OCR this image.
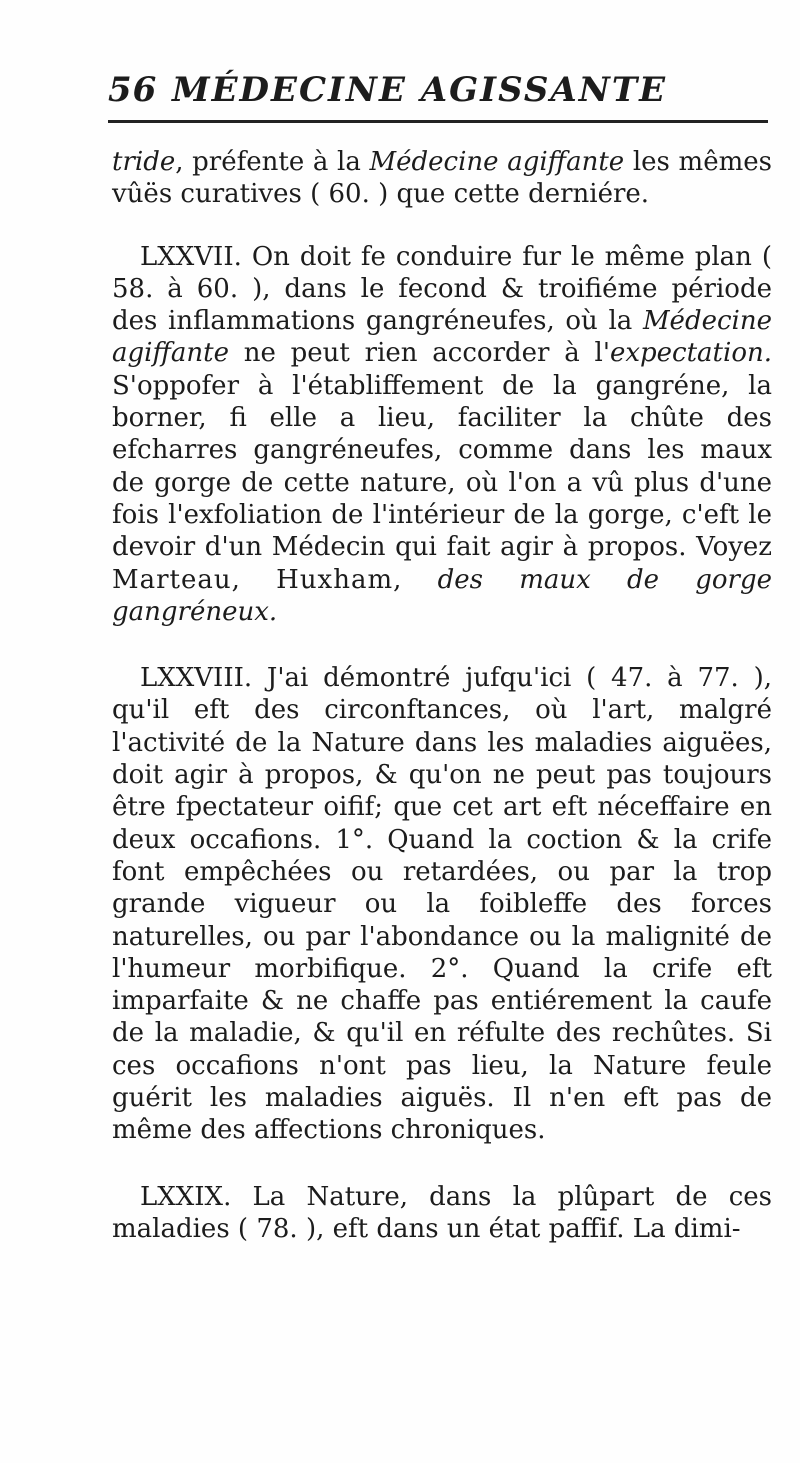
56 MÉDECINE AGISSANTE

tride, préfente à la Médecine agiffante les mêmes vûës curatives ( 60. ) que cette derniére.

LXXVII. On doit fe conduire fur le même plan ( 58. à 60. ), dans le fecond & troifiéme période des inflammations gangréneufes, où la Médecine agiffante ne peut rien accorder à l'expectation. S'oppofer à l'établiffement de la gangréne, la borner, fi elle a lieu, faciliter la chûte des efcharres gangréneufes, comme dans les maux de gorge de cette nature, où l'on a vû plus d'une fois l'exfoliation de l'intérieur de la gorge, c'eft le devoir d'un Médecin qui fait agir à propos. Voyez Marteau, Huxham, des maux de gorge gangréneux.

LXXVIII. J'ai démontré jufqu'ici ( 47. à 77. ), qu'il eft des circonftances, où l'art, malgré l'activité de la Nature dans les maladies aiguëes, doit agir à propos, & qu'on ne peut pas toujours être fpectateur oifif; que cet art eft néceffaire en deux occafions. 1°. Quand la coction & la crife font empêchées ou retardées, ou par la trop grande vigueur ou la foibleffe des forces naturelles, ou par l'abondance ou la malignité de l'humeur morbifique. 2°. Quand la crife eft imparfaite & ne chaffe pas entiérement la caufe de la maladie, & qu'il en réfulte des rechûtes. Si ces occafions n'ont pas lieu, la Nature feule guérit les maladies aiguës. Il n'en eft pas de même des affections chroniques.

LXXIX. La Nature, dans la plûpart de ces maladies ( 78. ), eft dans un état paffif. La dimi-
